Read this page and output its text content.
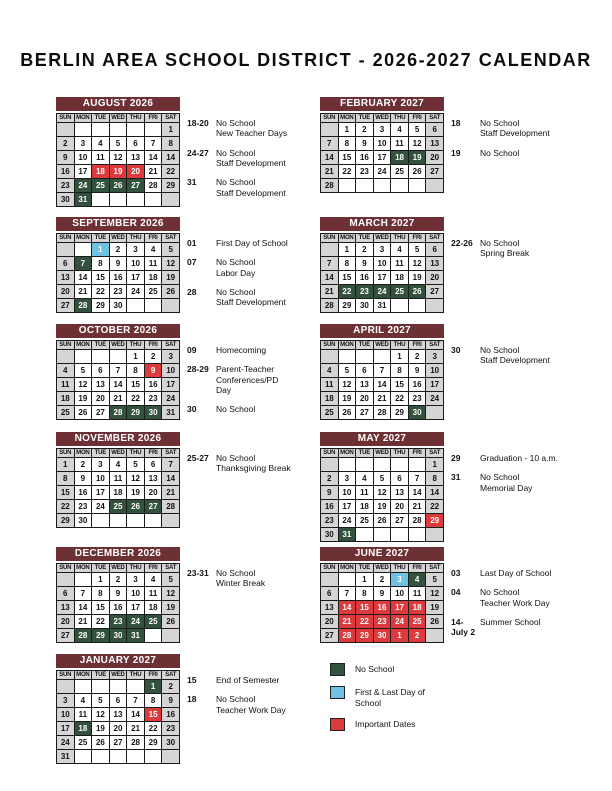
BERLIN AREA SCHOOL DISTRICT - 2026-2027 CALENDAR
AUGUST 2026
SUN	MON	TUE	WED	THU	FRI	SAT
						1
2	3	4	5	6	7	8
9	10	11	12	13	14	14
16	17	18	19	20	21	22
23	24	25	26	27	28	29
30	31					
18-20 No School
New Teacher Days
24-27 No School
Staff Development
31	No School
Staff Development
SEPTEMBER 2026
SUN	MON	TUE	WED	THU	FRI	SAT
		1	2	3	4	5
6	7	8	9	10	11	12
13	14	15	16	17	18	19
20	21	22	23	24	25	26
27	28	29	30			
01	First Day of School
07	No School
Labor Day
28	No School
Staff Development
OCTOBER 2026
SUN	MON	TUE	WED	THU	FRI	SAT
				1	2	3
4	5	6	7	8	9	10
11	12	13	14	15	16	17
18	19	20	21	22	23	24
25	26	27	28	29	30	31
09	Homecoming
28-29 Parent-Teacher
Conferences/PD
Day
30	No School
NOVEMBER 2026
SUN	MON	TUE	WED	THU	FRI	SAT
1	2	3	4	5	6	7
8	9	10	11	12	13	14
15	16	17	18	19	20	21
22	23	24	25	26	27	28
29	30					
25-27 No School
Thanksgiving Break
DECEMBER 2026
SUN	MON	TUE	WED	THU	FRI	SAT
		1	2	3	4	5
6	7	8	9	10	11	12
13	14	15	16	17	18	19
20	21	22	23	24	25	26
27	28	29	30	31		
23-31 No School
Winter Break
JANUARY 2027
SUN	MON	TUE	WED	THU	FRI	SAT
					1	2
3	4	5	6	7	8	9
10	11	12	13	14	15	16
17	18	19	20	21	22	23
24	25	26	27	28	29	30
31						
15	End of Semester
18	No School
Teacher Work Day
FEBRUARY 2027
SUN	MON	TUE	WED	THU	FRI	SAT
	1	2	3	4	5	6
7	8	9	10	11	12	13
14	15	16	17	18	19	20
21	22	23	24	25	26	27
28						
18	No School
Staff Development
19	No School
MARCH 2027
SUN	MON	TUE	WED	THU	FRI	SAT
	1	2	3	4	5	6
7	8	9	10	11	12	13
14	15	16	17	18	19	20
21	22	23	24	25	26	27
28	29	30	31			
22-26 No School
Spring Break
APRIL 2027
SUN	MON	TUE	WED	THU	FRI	SAT
				1	2	3
4	5	6	7	8	9	10
11	12	13	14	15	16	17
18	19	20	21	22	23	24
25	26	27	28	29	30	
30	No School
Staff Development
MAY 2027
SUN	MON	TUE	WED	THU	FRI	SAT
						1
2	3	4	5	6	7	8
9	10	11	12	13	14	14
16	17	18	19	20	21	22
23	24	25	26	27	28	29
30	31					
29	Graduation - 10 a.m.
31	No School
Memorial Day
JUNE 2027
SUN	MON	TUE	WED	THU	FRI	SAT
		1	2	3	4	5
6	7	8	9	10	11	12
13	14	15	16	17	18	19
20	21	22	23	24	25	26
27	28	29	30	1	2	
03	Last Day of School
04	No School
Teacher Work Day
14-
July 2
Summer School
No School
First & Last Day of
School
Important Dates
